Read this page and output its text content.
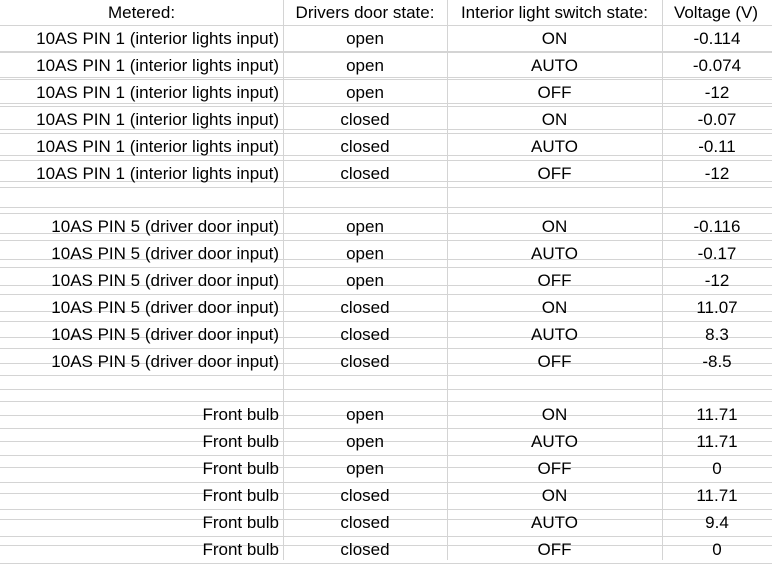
Metered:	Drivers door state:	Interior light switch state:	Voltage (V)
10AS PIN 1 (interior lights input)	open	ON	-0.114
10AS PIN 1 (interior lights input)	open	AUTO	-0.074
10AS PIN 1 (interior lights input)	open	OFF	-12
10AS PIN 1 (interior lights input)	closed	ON	-0.07
10AS PIN 1 (interior lights input)	closed	AUTO	-0.11
10AS PIN 1 (interior lights input)	closed	OFF	-12

10AS PIN 5 (driver door input)	open	ON	-0.116
10AS PIN 5 (driver door input)	open	AUTO	-0.17
10AS PIN 5 (driver door input)	open	OFF	-12
10AS PIN 5 (driver door input)	closed	ON	11.07
10AS PIN 5 (driver door input)	closed	AUTO	8.3
10AS PIN 5 (driver door input)	closed	OFF	-8.5

Front bulb	open	ON	11.71
Front bulb	open	AUTO	11.71
Front bulb	open	OFF	0
Front bulb	closed	ON	11.71
Front bulb	closed	AUTO	9.4
Front bulb	closed	OFF	0
